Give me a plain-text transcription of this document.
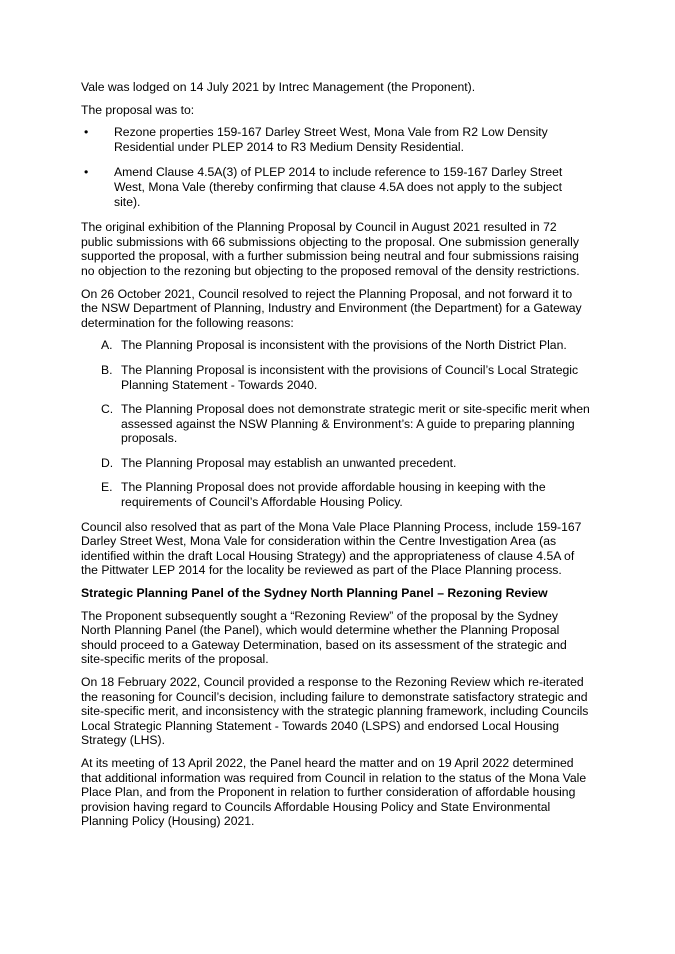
Vale was lodged on 14 July 2021 by Intrec Management (the Proponent).

The proposal was to:

• Rezone properties 159-167 Darley Street West, Mona Vale from R2 Low Density Residential under PLEP 2014 to R3 Medium Density Residential.
• Amend Clause 4.5A(3) of PLEP 2014 to include reference to 159-167 Darley Street West, Mona Vale (thereby confirming that clause 4.5A does not apply to the subject site).

The original exhibition of the Planning Proposal by Council in August 2021 resulted in 72 public submissions with 66 submissions objecting to the proposal. One submission generally supported the proposal, with a further submission being neutral and four submissions raising no objection to the rezoning but objecting to the proposed removal of the density restrictions.

On 26 October 2021, Council resolved to reject the Planning Proposal, and not forward it to the NSW Department of Planning, Industry and Environment (the Department) for a Gateway determination for the following reasons:

A. The Planning Proposal is inconsistent with the provisions of the North District Plan.
B. The Planning Proposal is inconsistent with the provisions of Council’s Local Strategic Planning Statement - Towards 2040.
C. The Planning Proposal does not demonstrate strategic merit or site-specific merit when assessed against the NSW Planning & Environment’s: A guide to preparing planning proposals.
D. The Planning Proposal may establish an unwanted precedent.
E. The Planning Proposal does not provide affordable housing in keeping with the requirements of Council’s Affordable Housing Policy.

Council also resolved that as part of the Mona Vale Place Planning Process, include 159-167 Darley Street West, Mona Vale for consideration within the Centre Investigation Area (as identified within the draft Local Housing Strategy) and the appropriateness of clause 4.5A of the Pittwater LEP 2014 for the locality be reviewed as part of the Place Planning process.

Strategic Planning Panel of the Sydney North Planning Panel – Rezoning Review

The Proponent subsequently sought a “Rezoning Review” of the proposal by the Sydney North Planning Panel (the Panel), which would determine whether the Planning Proposal should proceed to a Gateway Determination, based on its assessment of the strategic and site-specific merits of the proposal.

On 18 February 2022, Council provided a response to the Rezoning Review which re-iterated the reasoning for Council’s decision, including failure to demonstrate satisfactory strategic and site-specific merit, and inconsistency with the strategic planning framework, including Councils Local Strategic Planning Statement - Towards 2040 (LSPS) and endorsed Local Housing Strategy (LHS).

At its meeting of 13 April 2022, the Panel heard the matter and on 19 April 2022 determined that additional information was required from Council in relation to the status of the Mona Vale Place Plan, and from the Proponent in relation to further consideration of affordable housing provision having regard to Councils Affordable Housing Policy and State Environmental Planning Policy (Housing) 2021.
